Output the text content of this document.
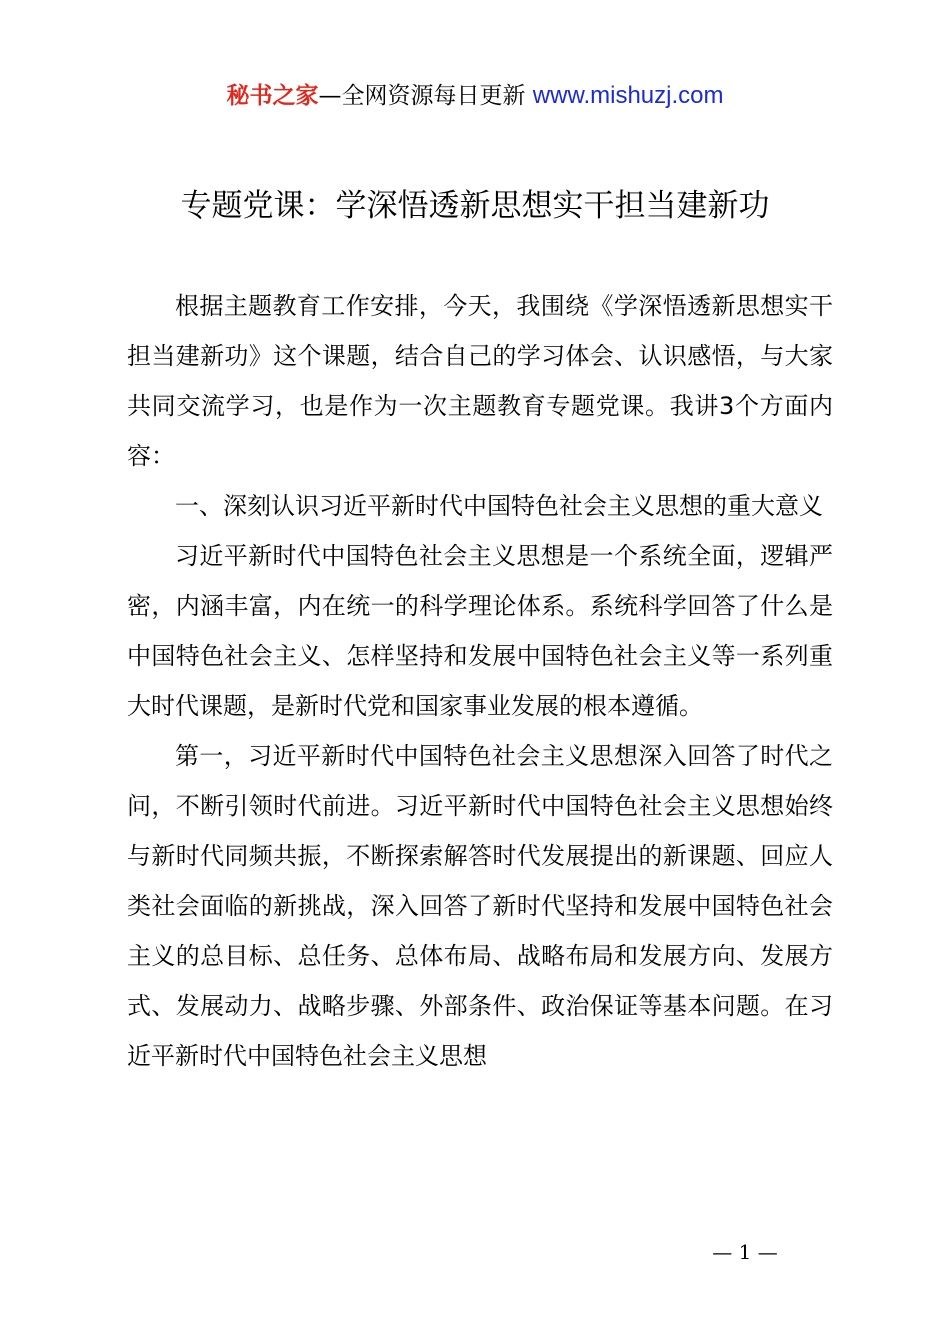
秘书之家—全网资源每日更新 www.mishuzj.com
专题党课：学深悟透新思想实干担当建新功

根据主题教育工作安排，今天，我围绕《学深悟透新思想实干担当建新功》这个课题，结合自己的学习体会、认识感悟，与大家共同交流学习，也是作为一次主题教育专题党课。我讲3个方面内容：

一、深刻认识习近平新时代中国特色社会主义思想的重大意义

习近平新时代中国特色社会主义思想是一个系统全面，逻辑严密，内涵丰富，内在统一的科学理论体系。系统科学回答了什么是中国特色社会主义、怎样坚持和发展中国特色社会主义等一系列重大时代课题，是新时代党和国家事业发展的根本遵循。

第一，习近平新时代中国特色社会主义思想深入回答了时代之问，不断引领时代前进。习近平新时代中国特色社会主义思想始终与新时代同频共振，不断探索解答时代发展提出的新课题、回应人类社会面临的新挑战，深入回答了新时代坚持和发展中国特色社会主义的总目标、总任务、总体布局、战略布局和发展方向、发展方式、发展动力、战略步骤、外部条件、政治保证等基本问题。在习近平新时代中国特色社会主义思想

— 1 —
